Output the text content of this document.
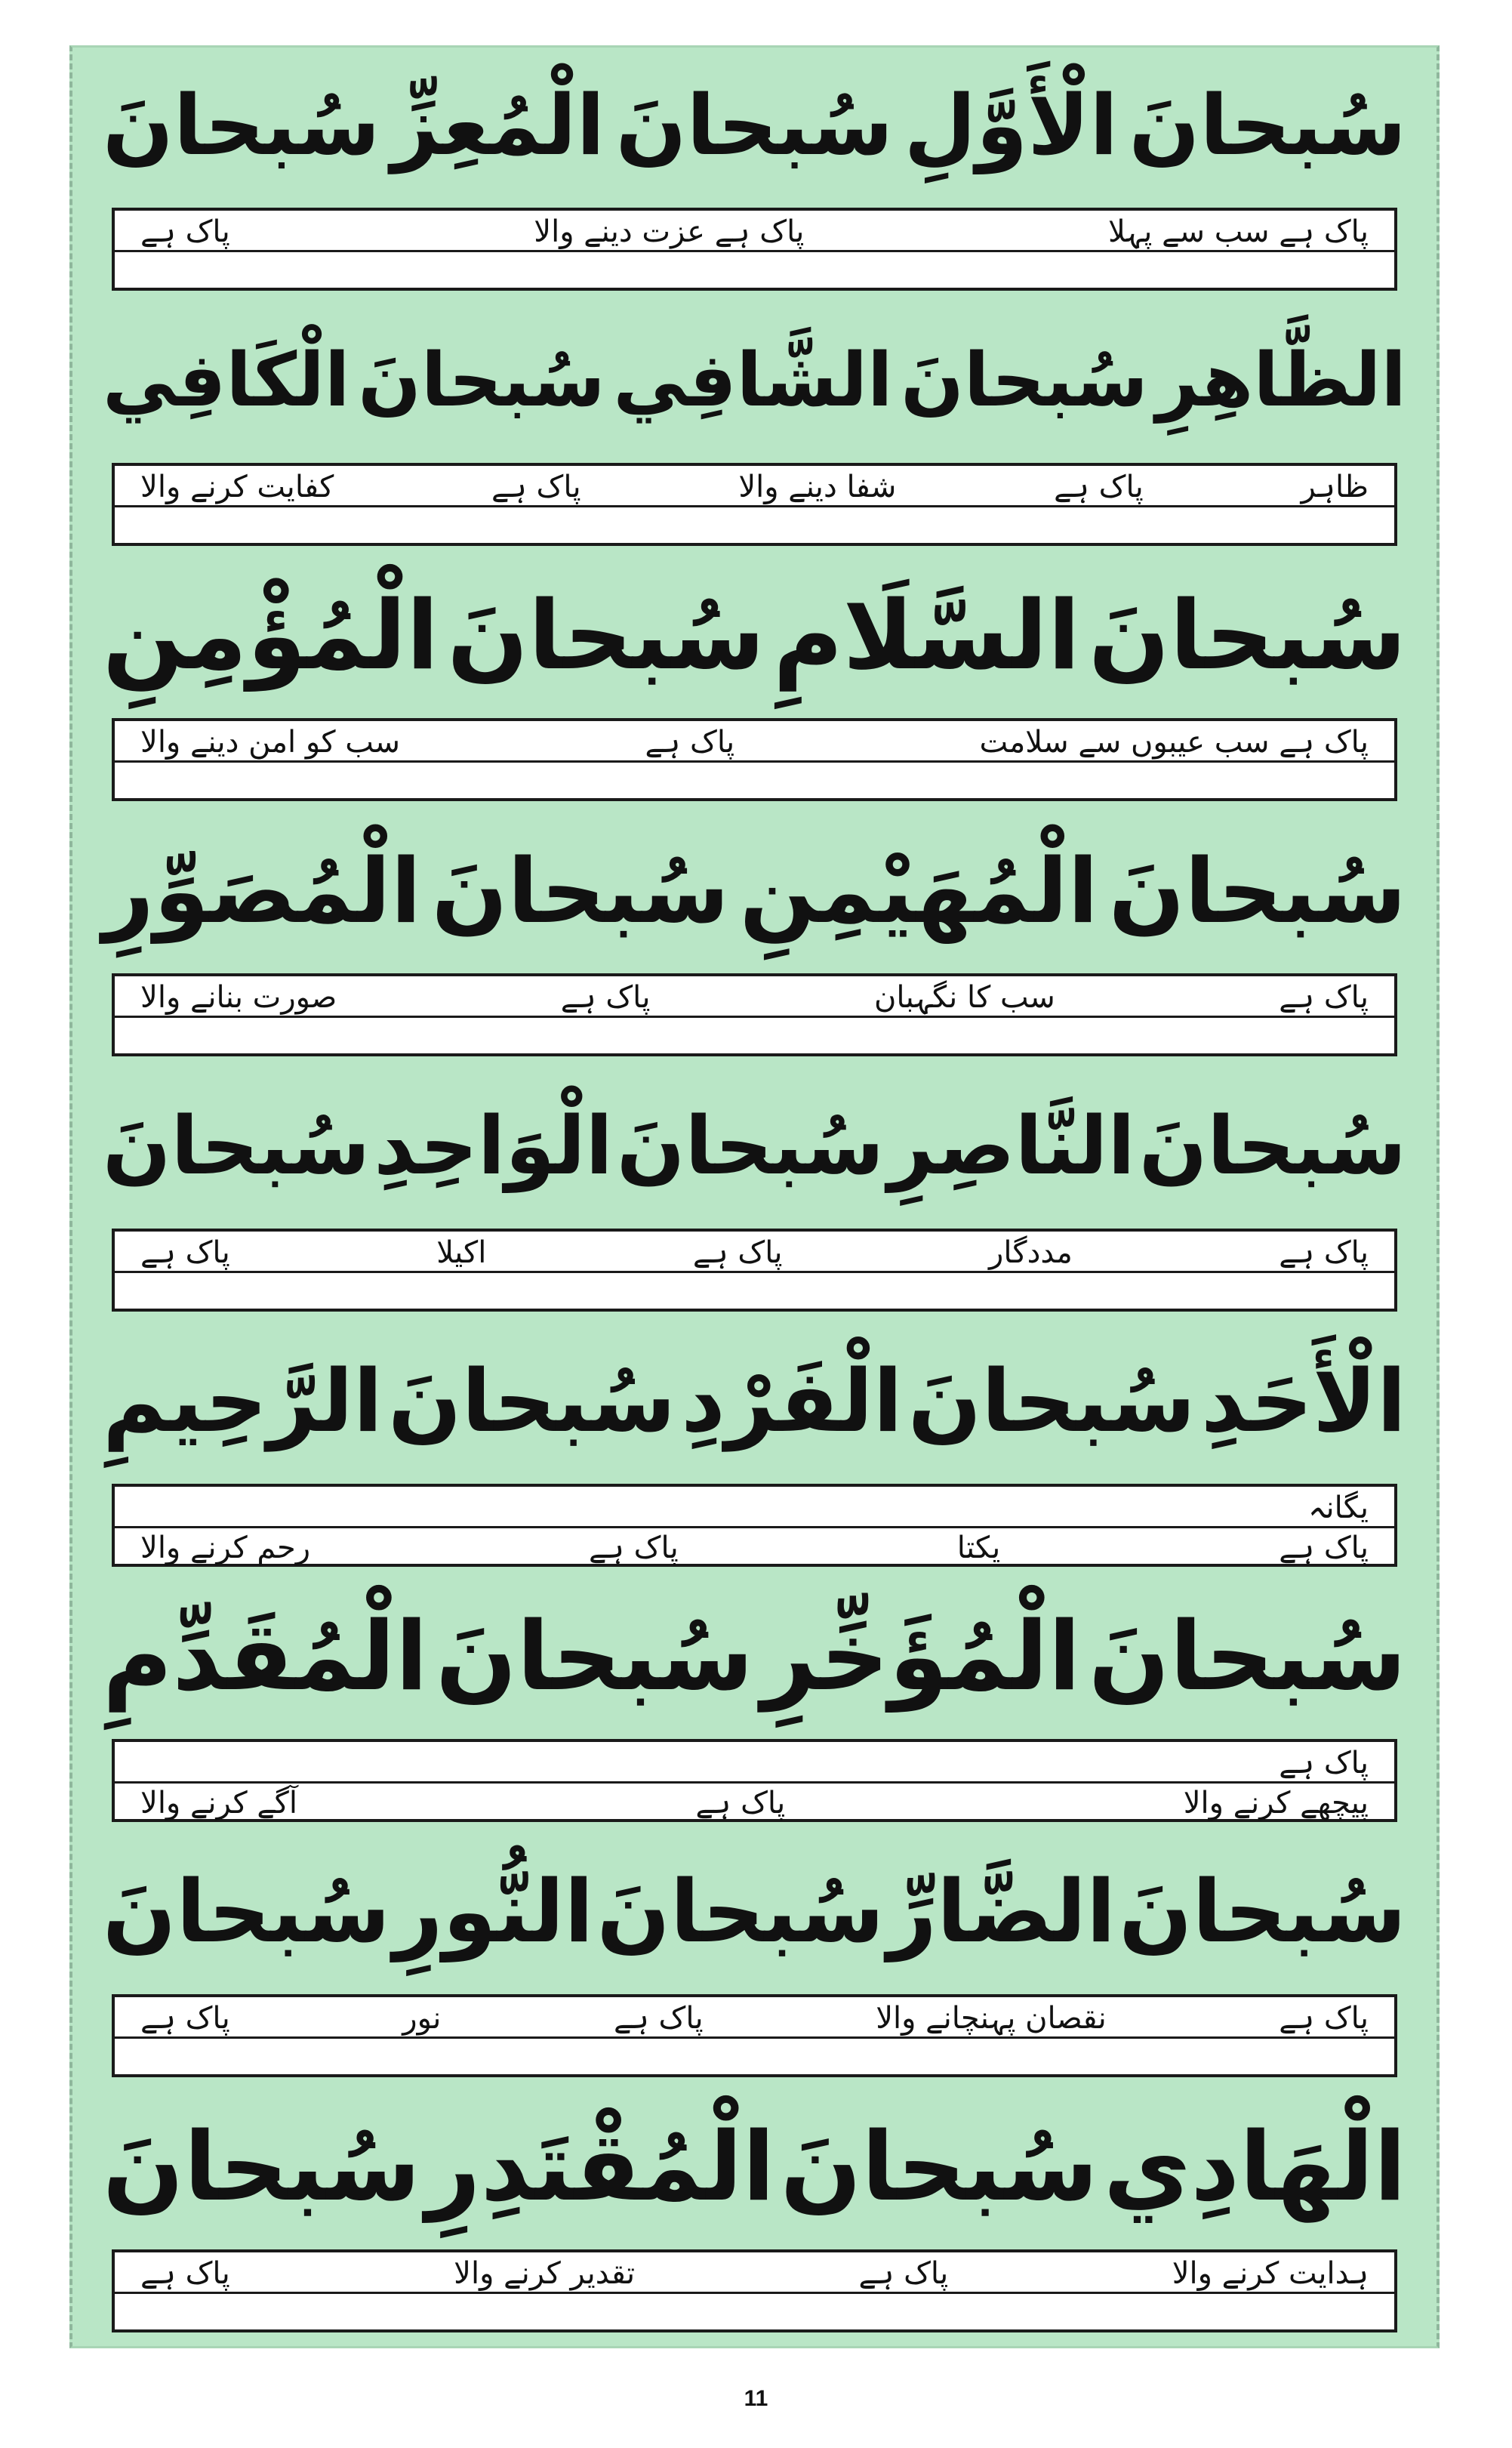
سُبحانَ
الْأَوَّلِ
سُبحانَ
الْمُعِزِّ
سُبحانَ
پاک ہے سب سے پہلا
پاک ہے عزت دینے والا
پاک ہے
الظَّاهِرِ
سُبحانَ
الشَّافِي
سُبحانَ
الْكَافِي
ظاہر
پاک ہے
شفا دینے والا
پاک ہے
کفایت کرنے والا
سُبحانَ
السَّلَامِ
سُبحانَ
الْمُؤْمِنِ
پاک ہے سب عیبوں سے سلامت
پاک ہے
سب کو امن دینے والا
سُبحانَ
الْمُهَيْمِنِ
سُبحانَ
الْمُصَوِّرِ
پاک ہے
سب کا نگہبان
پاک ہے
صورت بنانے والا
سُبحانَ
النَّاصِرِ
سُبحانَ
الْوَاحِدِ
سُبحانَ
پاک ہے
مددگار
پاک ہے
اکیلا
پاک ہے
الْأَحَدِ
سُبحانَ
الْفَرْدِ
سُبحانَ
الرَّحِيمِ
یگانہ
پاک ہے
یکتا
پاک ہے
رحم کرنے والا
سُبحانَ
الْمُؤَخِّرِ
سُبحانَ
الْمُقَدِّمِ
پاک ہے
پیچھے کرنے والا
پاک ہے
آگے کرنے والا
سُبحانَ
الضَّارِّ
سُبحانَ
النُّورِ
سُبحانَ
پاک ہے
نقصان پہنچانے والا
پاک ہے
نور
پاک ہے
الْهَادِي
سُبحانَ
الْمُقْتَدِرِ
سُبحانَ
ہدایت کرنے والا
پاک ہے
تقدیر کرنے والا
پاک ہے
11
